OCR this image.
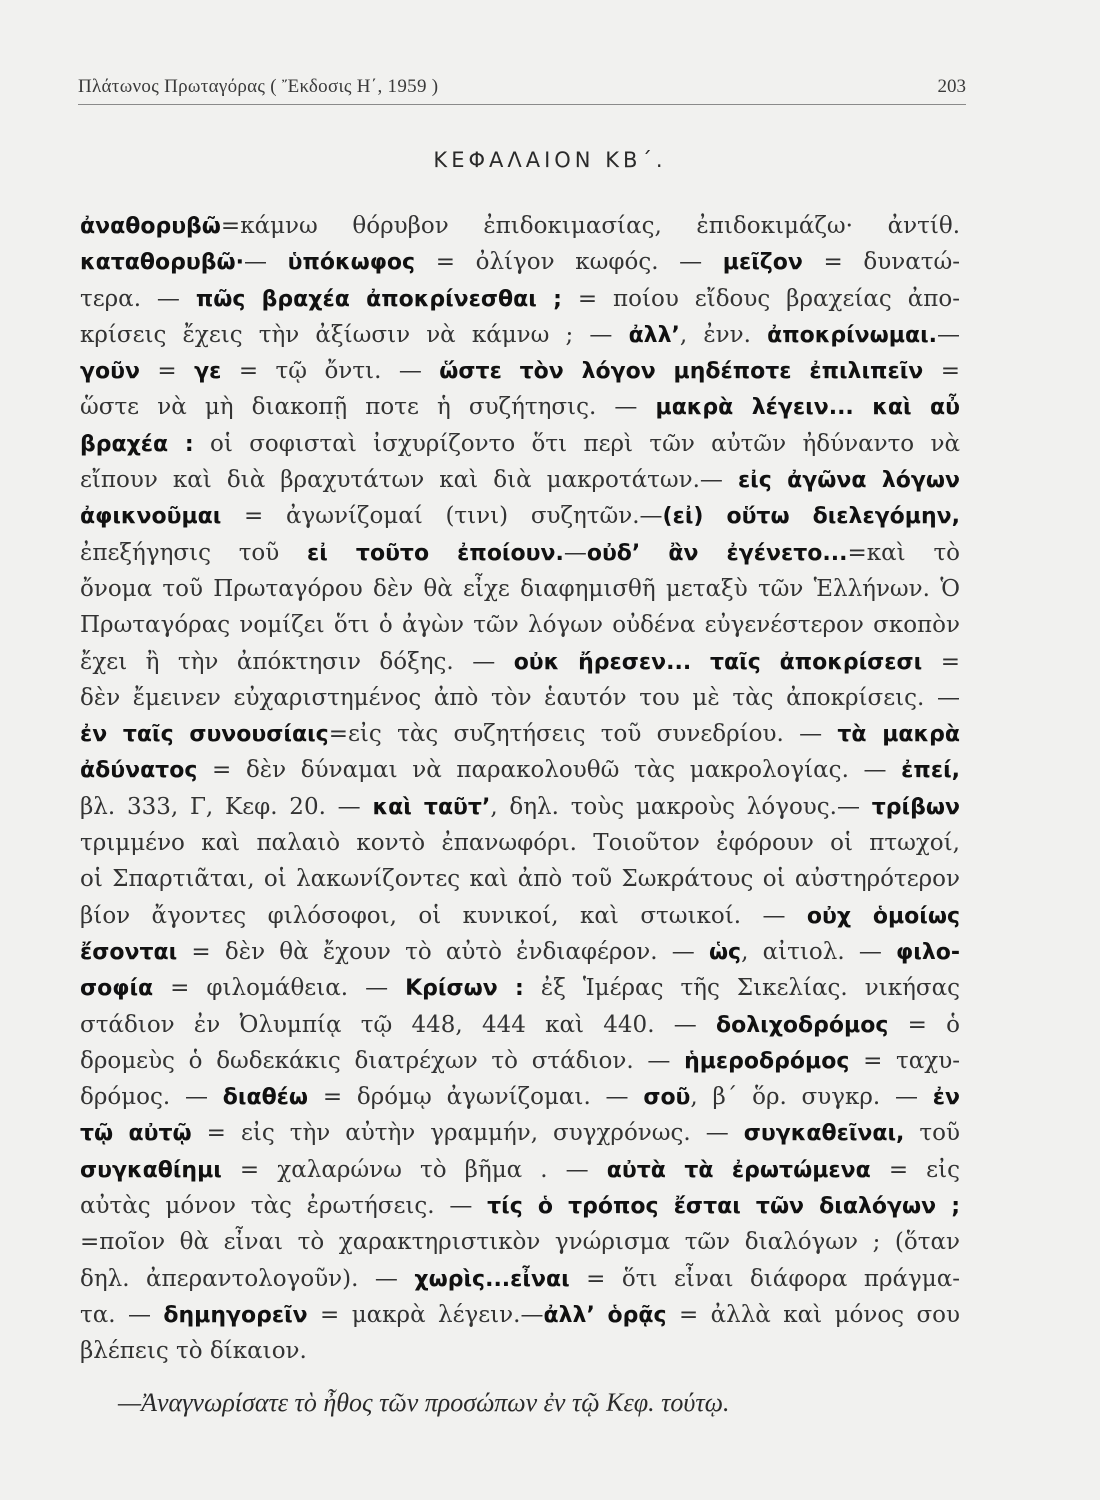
Πλάτωνος Πρωταγόρας ( Ἔκδοσις Η΄, 1959 )	203
ΚΕΦΑΛΑΙΟΝ ΚΒ΄.
ἀναθορυβῶ=κάμνω θόρυβον ἐπιδοκιμασίας, ἐπιδοκιμάζω· ἀντίθ.
καταθορυβῶ·— ὑπόκωφος = ὀλίγον κωφός. — μεῖζον = δυνατώ-
τερα. — πῶς βραχέα ἀποκρίνεσθαι ; = ποίου εἴδους βραχείας ἀπο-
κρίσεις ἔχεις τὴν ἀξίωσιν νὰ κάμνω ; — ἀλλ’, ἐνν. ἀποκρίνωμαι.—
γοῦν = γε = τῷ ὄντι. — ὥστε τὸν λόγον μηδέποτε ἐπιλιπεῖν =
ὥστε νὰ μὴ διακοπῇ ποτε ἡ συζήτησις. — μακρὰ λέγειν... καὶ αὖ
βραχέα : οἱ σοφισταὶ ἰσχυρίζοντο ὅτι περὶ τῶν αὐτῶν ἠδύναντο νὰ
εἴπουν καὶ διὰ βραχυτάτων καὶ διὰ μακροτάτων.— εἰς ἀγῶνα λόγων
ἀφικνοῦμαι = ἀγωνίζομαί (τινι) συζητῶν.—(εἰ) οὕτω διελεγόμην,
ἐπεξήγησις τοῦ εἰ τοῦτο ἐποίουν.—οὐδ’ ἂν ἐγένετο...=καὶ τὸ
ὄνομα τοῦ Πρωταγόρου δὲν θὰ εἶχε διαφημισθῆ μεταξὺ τῶν Ἑλλήνων. Ὁ
Πρωταγόρας νομίζει ὅτι ὁ ἀγὼν τῶν λόγων οὐδένα εὐγενέστερον σκοπὸν
ἔχει ἢ τὴν ἀπόκτησιν δόξης. — οὐκ ἤρεσεν... ταῖς ἀποκρίσεσι =
δὲν ἔμεινεν εὐχαριστημένος ἀπὸ τὸν ἑαυτόν του μὲ τὰς ἀποκρίσεις. —
ἐν ταῖς συνουσίαις=εἰς τὰς συζητήσεις τοῦ συνεδρίου. — τὰ μακρὰ
ἀδύνατος = δὲν δύναμαι νὰ παρακολουθῶ τὰς μακρολογίας. — ἐπεί,
βλ. 333, Γ, Κεφ. 20. — καὶ ταῦτ’, δηλ. τοὺς μακροὺς λόγους.— τρίβων
τριμμένο καὶ παλαιὸ κοντὸ ἐπανωφόρι. Τοιοῦτον ἐφόρουν οἱ πτωχοί,
οἱ Σπαρτιᾶται, οἱ λακωνίζοντες καὶ ἀπὸ τοῦ Σωκράτους οἱ αὐστηρότερον
βίον ἄγοντες φιλόσοφοι, οἱ κυνικοί, καὶ στωικοί. — οὐχ ὁμοίως
ἔσονται = δὲν θὰ ἔχουν τὸ αὐτὸ ἐνδιαφέρον. — ὡς, αἰτιολ. — φιλο-
σοφία = φιλομάθεια. — Κρίσων : ἐξ Ἱμέρας τῆς Σικελίας. νικήσας
στάδιον ἐν Ὀλυμπίᾳ τῷ 448, 444 καὶ 440. — δολιχοδρόμος = ὁ
δρομεὺς ὁ δωδεκάκις διατρέχων τὸ στάδιον. — ἡμεροδρόμος = ταχυ-
δρόμος. — διαθέω = δρόμῳ ἀγωνίζομαι. — σοῦ, β΄ ὅρ. συγκρ. — ἐν
τῷ αὐτῷ = εἰς τὴν αὐτὴν γραμμήν, συγχρόνως. — συγκαθεῖναι, τοῦ
συγκαθίημι = χαλαρώνω τὸ βῆμα . — αὐτὰ τὰ ἐρωτώμενα = εἰς
αὐτὰς μόνον τὰς ἐρωτήσεις. — τίς ὁ τρόπος ἔσται τῶν διαλόγων ;
=ποῖον θὰ εἶναι τὸ χαρακτηριστικὸν γνώρισμα τῶν διαλόγων ; (ὅταν
δηλ. ἀπεραντολογοῦν). — χωρὶς...εἶναι = ὅτι εἶναι διάφορα πράγμα-
τα. — δημηγορεῖν = μακρὰ λέγειν.—ἀλλ’ ὁρᾷς = ἀλλὰ καὶ μόνος σου
βλέπεις τὸ δίκαιον.
—Ἀναγνωρίσατε τὸ ἦθος τῶν προσώπων ἐν τῷ Κεφ. τούτῳ.
